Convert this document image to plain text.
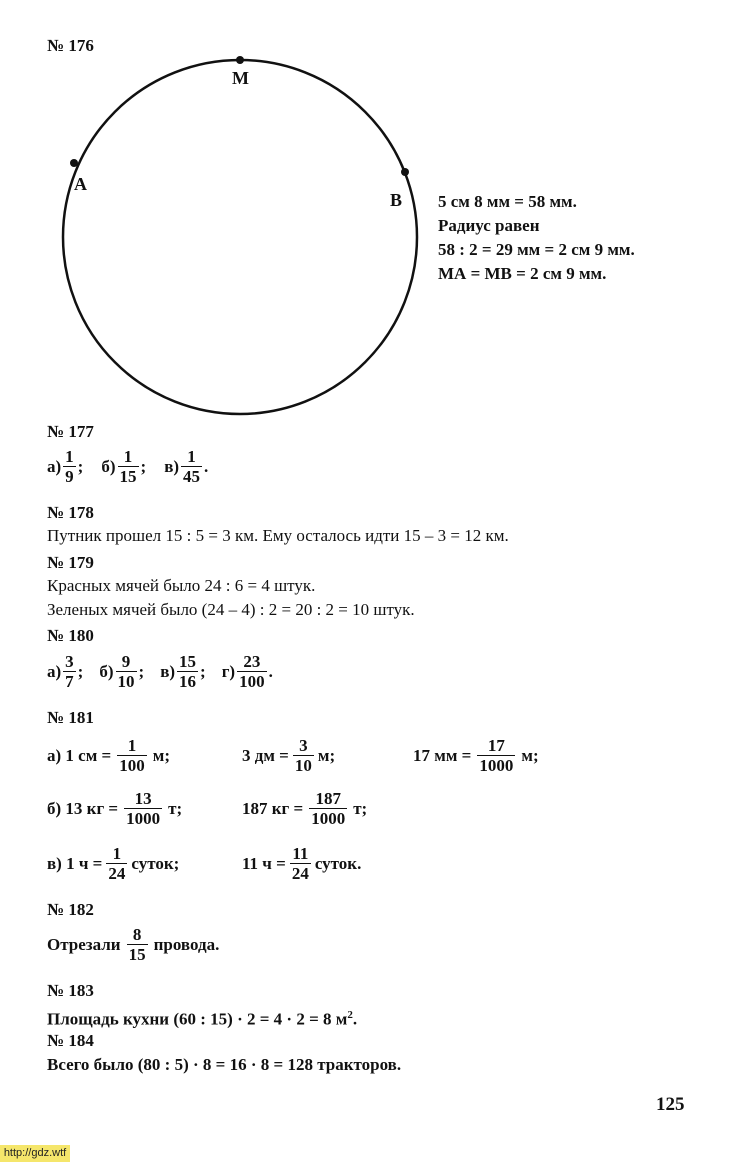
№ 176
M
A
B 5 см 8 мм = 58 мм.
Радиус равен
58 : 2 = 29 мм = 2 см 9 мм.
МА = МВ = 2 см 9 мм.
№ 177
$а) \frac{1}{9}$ ; $б) \frac{1}{15}$ ; $в) \frac{1}{45}$ .
№ 178
Путник прошел 15 : 5 = 3 км. Ему осталось идти 15 – 3 = 12 км.
№ 179
Красных мячей было 24 : 6 = 4 штук.
Зеленых мячей было (24 – 4) : 2 = 20 : 2 = 10 штук.
№ 180
$а) \frac{3}{7}$ ; $б) \frac{9}{10}$ ; $в) \frac{15}{16}$ ; $г) \frac{23}{100}$ .
№ 181
а) 1 см = $\frac{1}{100} м$;	3 дм = $\frac{3}{10} м$;	17 мм = $\frac{17}{1000} м$;
б) 13 кг = $\frac{13}{1000} т$;	187 кг = $\frac{187}{1000} т$;
в) 1 $ч = \frac{1}{24}$ суток;	11 $ч = \frac{11}{24}$ суток.
№ 182
Отрезали $\frac{8}{15}$ провода.
№ 183
Площадь кухни (60 : 15) · 2 = 4 · 2 = 8 $м^2$.
№ 184
Всего было (80 : 5) · 8 = 16 · 8 = 128 тракторов.
125
http://gdz.wtf
